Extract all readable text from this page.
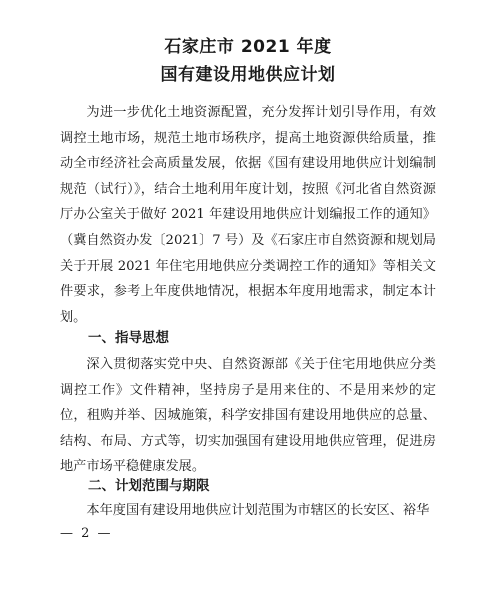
石家庄市 2021 年度
国有建设用地供应计划
为进一步优化土地资源配置，充分发挥计划引导作用，有效调控土地市场，规范土地市场秩序，提高土地资源供给质量，推动全市经济社会高质量发展，依据《国有建设用地供应计划编制规范（试行）》，结合土地利用年度计划，按照《河北省自然资源厅办公室关于做好 2021 年建设用地供应计划编报工作的通知》（冀自然资办发〔2021〕7 号）及《石家庄市自然资源和规划局关于开展 2021 年住宅用地供应分类调控工作的通知》等相关文件要求，参考上年度供地情况，根据本年度用地需求，制定本计划。
一、指导思想
深入贯彻落实党中央、自然资源部《关于住宅用地供应分类调控工作》文件精神，坚持房子是用来住的、不是用来炒的定位，租购并举、因城施策，科学安排国有建设用地供应的总量、结构、布局、方式等，切实加强国有建设用地供应管理，促进房地产市场平稳健康发展。
二、计划范围与期限
本年度国有建设用地供应计划范围为市辖区的长安区、裕华
— 2 —
